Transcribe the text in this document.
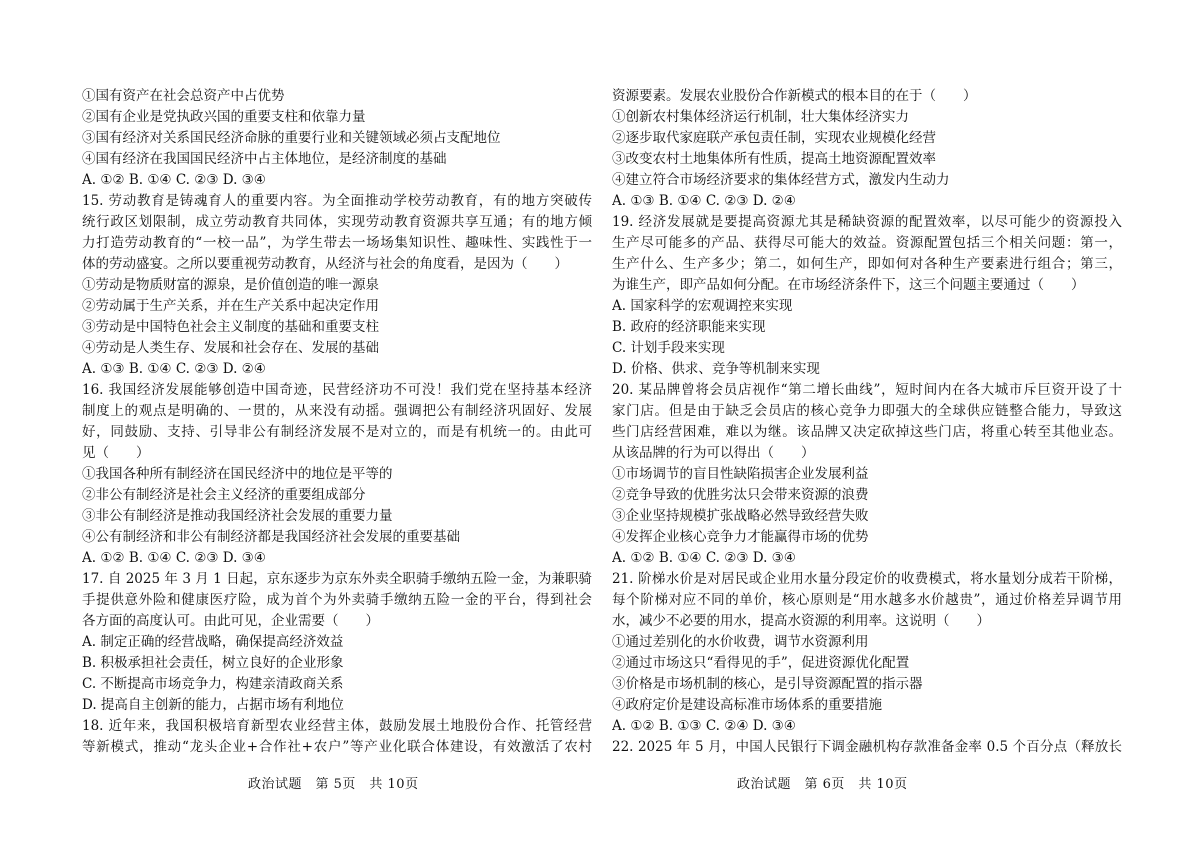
①国有资产在社会总资产中占优势
②国有企业是党执政兴国的重要支柱和依靠力量
③国有经济对关系国民经济命脉的重要行业和关键领域必须占支配地位
④国有经济在我国国民经济中占主体地位，是经济制度的基础
A. ①② B. ①④ C. ②③ D. ③④
15. 劳动教育是铸魂育人的重要内容。为全面推动学校劳动教育，有的地方突破传
统行政区划限制，成立劳动教育共同体，实现劳动教育资源共享互通；有的地方倾
力打造劳动教育的“一校一品”，为学生带去一场场集知识性、趣味性、实践性于一
体的劳动盛宴。之所以要重视劳动教育，从经济与社会的角度看，是因为（　　）
①劳动是物质财富的源泉，是价值创造的唯一源泉
②劳动属于生产关系，并在生产关系中起决定作用
③劳动是中国特色社会主义制度的基础和重要支柱
④劳动是人类生存、发展和社会存在、发展的基础
A. ①③ B. ①④ C. ②③ D. ②④
16. 我国经济发展能够创造中国奇迹，民营经济功不可没！我们党在坚持基本经济
制度上的观点是明确的、一贯的，从来没有动摇。强调把公有制经济巩固好、发展
好，同鼓励、支持、引导非公有制经济发展不是对立的，而是有机统一的。由此可
见（　　）
①我国各种所有制经济在国民经济中的地位是平等的
②非公有制经济是社会主义经济的重要组成部分
③非公有制经济是推动我国经济社会发展的重要力量
④公有制经济和非公有制经济都是我国经济社会发展的重要基础
A. ①② B. ①④ C. ②③ D. ③④
17. 自 2025 年 3 月 1 日起，京东逐步为京东外卖全职骑手缴纳五险一金，为兼职骑
手提供意外险和健康医疗险，成为首个为外卖骑手缴纳五险一金的平台，得到社会
各方面的高度认可。由此可见，企业需要（　　）
A. 制定正确的经营战略，确保提高经济效益
B. 积极承担社会责任，树立良好的企业形象
C. 不断提高市场竞争力，构建亲清政商关系
D. 提高自主创新的能力，占据市场有利地位
18. 近年来，我国积极培育新型农业经营主体，鼓励发展土地股份合作、托管经营
等新模式，推动“龙头企业+合作社+农户”等产业化联合体建设，有效激活了农村
资源要素。发展农业股份合作新模式的根本目的在于（　　）
①创新农村集体经济运行机制，壮大集体经济实力
②逐步取代家庭联产承包责任制，实现农业规模化经营
③改变农村土地集体所有性质，提高土地资源配置效率
④建立符合市场经济要求的集体经营方式，激发内生动力
A. ①③ B. ①④ C. ②③ D. ②④
19. 经济发展就是要提高资源尤其是稀缺资源的配置效率，以尽可能少的资源投入
生产尽可能多的产品、获得尽可能大的效益。资源配置包括三个相关问题：第一，
生产什么、生产多少；第二，如何生产，即如何对各种生产要素进行组合；第三，
为谁生产，即产品如何分配。在市场经济条件下，这三个问题主要通过（　　）
A. 国家科学的宏观调控来实现
B. 政府的经济职能来实现
C. 计划手段来实现
D. 价格、供求、竞争等机制来实现
20. 某品牌曾将会员店视作“第二增长曲线”，短时间内在各大城市斥巨资开设了十
家门店。但是由于缺乏会员店的核心竞争力即强大的全球供应链整合能力，导致这
些门店经营困难，难以为继。该品牌又决定砍掉这些门店，将重心转至其他业态。
从该品牌的行为可以得出（　　）
①市场调节的盲目性缺陷损害企业发展利益
②竞争导致的优胜劣汰只会带来资源的浪费
③企业坚持规模扩张战略必然导致经营失败
④发挥企业核心竞争力才能赢得市场的优势
A. ①② B. ①④ C. ②③ D. ③④
21. 阶梯水价是对居民或企业用水量分段定价的收费模式，将水量划分成若干阶梯，
每个阶梯对应不同的单价，核心原则是“用水越多水价越贵”，通过价格差异调节用
水，减少不必要的用水，提高水资源的利用率。这说明（　　）
①通过差别化的水价收费，调节水资源利用
②通过市场这只“看得见的手”，促进资源优化配置
③价格是市场机制的核心，是引导资源配置的指示器
④政府定价是建设高标准市场体系的重要措施
A. ①② B. ①③ C. ②④ D. ③④
22. 2025 年 5 月，中国人民银行下调金融机构存款准备金率 0.5 个百分点（释放长
政治试题　第 5页　共 10页	政治试题　第 6页　共 10页
